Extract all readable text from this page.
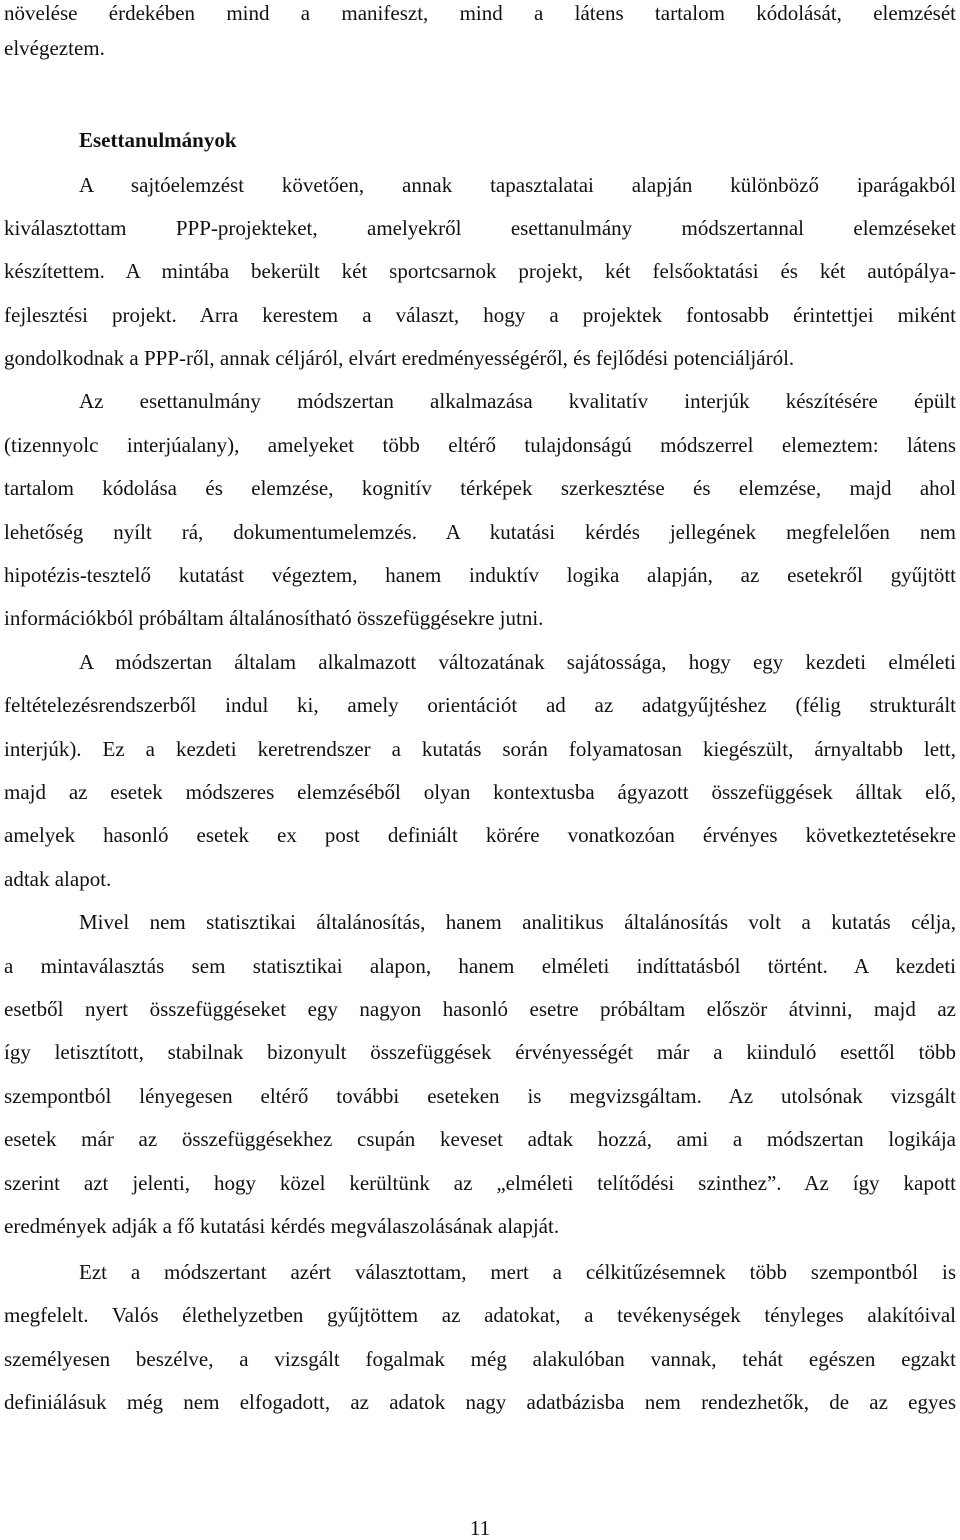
növelése érdekében mind a manifeszt, mind a látens tartalom kódolását, elemzését
elvégeztem.
Esettanulmányok
A sajtóelemzést követően, annak tapasztalatai alapján különböző iparágakból
kiválasztottam PPP-projekteket, amelyekről esettanulmány módszertannal elemzéseket
készítettem. A mintába bekerült két sportcsarnok projekt, két felsőoktatási és két autópálya-
fejlesztési projekt. Arra kerestem a választ, hogy a projektek fontosabb érintettjei miként
gondolkodnak a PPP-ről, annak céljáról, elvárt eredményességéről, és fejlődési potenciáljáról.
Az esettanulmány módszertan alkalmazása kvalitatív interjúk készítésére épült
(tizennyolc interjúalany), amelyeket több eltérő tulajdonságú módszerrel elemeztem: látens
tartalom kódolása és elemzése, kognitív térképek szerkesztése és elemzése, majd ahol
lehetőség nyílt rá, dokumentumelemzés. A kutatási kérdés jellegének megfelelően nem
hipotézis-tesztelő kutatást végeztem, hanem induktív logika alapján, az esetekről gyűjtött
információkból próbáltam általánosítható összefüggésekre jutni.
A módszertan általam alkalmazott változatának sajátossága, hogy egy kezdeti elméleti
feltételezésrendszerből indul ki, amely orientációt ad az adatgyűjtéshez (félig strukturált
interjúk). Ez a kezdeti keretrendszer a kutatás során folyamatosan kiegészült, árnyaltabb lett,
majd az esetek módszeres elemzéséből olyan kontextusba ágyazott összefüggések álltak elő,
amelyek hasonló esetek ex post definiált körére vonatkozóan érvényes következtetésekre
adtak alapot.
Mivel nem statisztikai általánosítás, hanem analitikus általánosítás volt a kutatás célja,
a mintaválasztás sem statisztikai alapon, hanem elméleti indíttatásból történt. A kezdeti
esetből nyert összefüggéseket egy nagyon hasonló esetre próbáltam először átvinni, majd az
így letisztított, stabilnak bizonyult összefüggések érvényességét már a kiinduló esettől több
szempontból lényegesen eltérő további eseteken is megvizsgáltam. Az utolsónak vizsgált
esetek már az összefüggésekhez csupán keveset adtak hozzá, ami a módszertan logikája
szerint azt jelenti, hogy közel kerültünk az „elméleti telítődési szinthez”. Az így kapott
eredmények adják a fő kutatási kérdés megválaszolásának alapját.
Ezt a módszertant azért választottam, mert a célkitűzésemnek több szempontból is
megfelelt. Valós élethelyzetben gyűjtöttem az adatokat, a tevékenységek tényleges alakítóival
személyesen beszélve, a vizsgált fogalmak még alakulóban vannak, tehát egészen egzakt
definiálásuk még nem elfogadott, az adatok nagy adatbázisba nem rendezhetők, de az egyes
11
